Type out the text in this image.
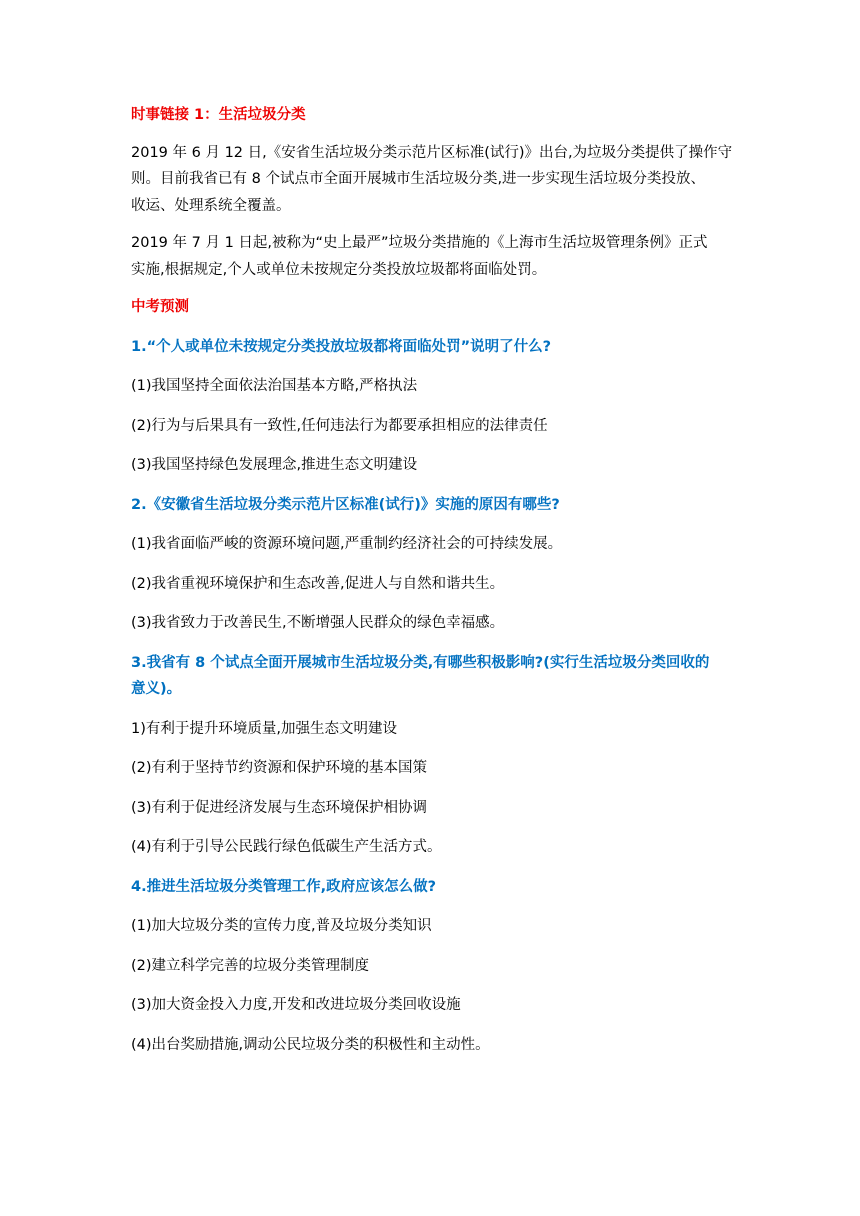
时事链接 1：生活垃圾分类

2019 年 6 月 12 日,《安省生活垃圾分类示范片区标准(试行)》出台,为垃圾分类提供了操作守

则。目前我省已有 8 个试点市全面开展城市生活垃圾分类,进一步实现生活垃圾分类投放、

收运、处理系统全覆盖。

2019 年 7 月 1 日起,被称为“史上最严”垃圾分类措施的《上海市生活垃圾管理条例》正式

实施,根据规定,个人或单位未按规定分类投放垃圾都将面临处罚。

中考预测

1.“个人或单位未按规定分类投放垃圾都将面临处罚”说明了什么?

(1)我国坚持全面依法治国基本方略,严格执法

(2)行为与后果具有一致性,任何违法行为都要承担相应的法律责任

(3)我国坚持绿色发展理念,推进生态文明建设

2.《安徽省生活垃圾分类示范片区标准(试行)》实施的原因有哪些?

(1)我省面临严峻的资源环境问题,严重制约经济社会的可持续发展。

(2)我省重视环境保护和生态改善,促进人与自然和谐共生。

(3)我省致力于改善民生,不断增强人民群众的绿色幸福感。

3.我省有 8 个试点全面开展城市生活垃圾分类,有哪些积极影响?(实行生活垃圾分类回收的

意义)。

1)有利于提升环境质量,加强生态文明建设

(2)有利于坚持节约资源和保护环境的基本国策

(3)有利于促进经济发展与生态环境保护相协调

(4)有利于引导公民践行绿色低碳生产生活方式。

4.推进生活垃圾分类管理工作,政府应该怎么做?

(1)加大垃圾分类的宣传力度,普及垃圾分类知识

(2)建立科学完善的垃圾分类管理制度

(3)加大资金投入力度,开发和改进垃圾分类回收设施

(4)出台奖励措施,调动公民垃圾分类的积极性和主动性。
